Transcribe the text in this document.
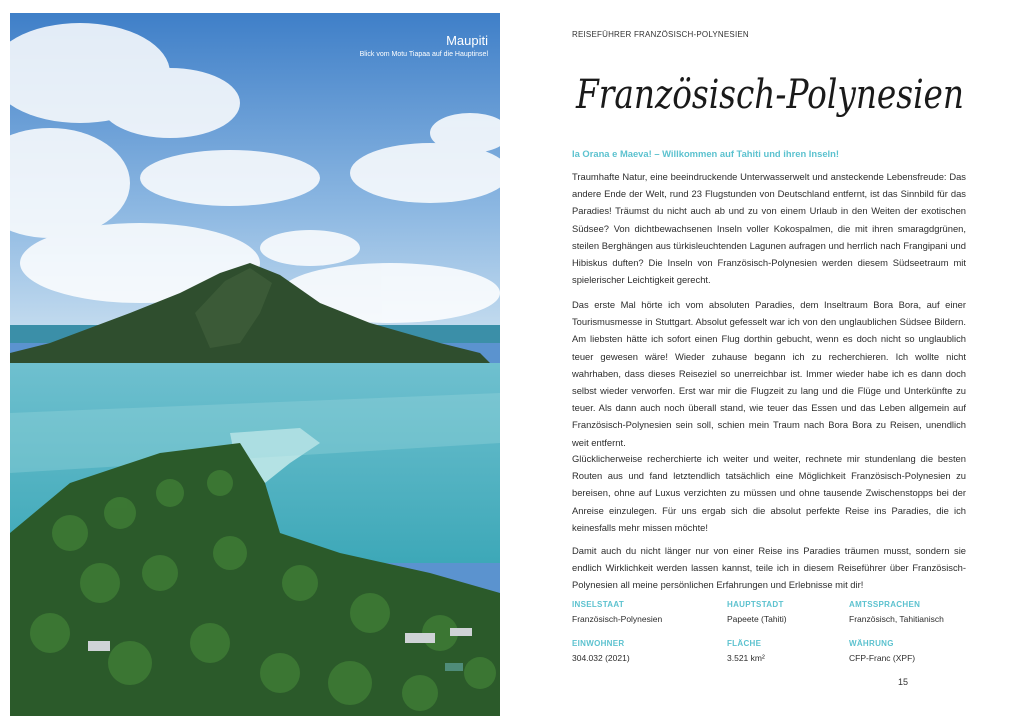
Maupiti
Blick vom Motu Tiapaa auf die Hauptinsel
REISEFÜHRER FRANZÖSISCH-POLYNESIEN
Französisch-Polynesien
Ia Orana e Maeva! – Willkommen auf Tahiti und ihren Inseln!

Traumhafte Natur, eine beeindruckende Unterwasserwelt und ansteckende Lebensfreude: Das andere Ende der Welt, rund 23 Flugstunden von Deutschland entfernt, ist das Sinnbild für das Paradies! Träumst du nicht auch ab und zu von einem Urlaub in den Weiten der exotischen Südsee? Von dichtbewachsenen Inseln voller Kokospalmen, die mit ihren smaragdgrünen, steilen Berghängen aus türkisleuchtenden Lagunen aufragen und herrlich nach Frangipani und Hibiskus duften? Die Inseln von Französisch-Polynesien werden diesem Südseetraum mit spielerischer Leichtigkeit gerecht.

Das erste Mal hörte ich vom absoluten Paradies, dem Inseltraum Bora Bora, auf einer Tourismusmesse in Stuttgart. Absolut gefesselt war ich von den unglaublichen Südsee Bildern. Am liebsten hätte ich sofort einen Flug dorthin gebucht, wenn es doch nicht so unglaublich teuer gewesen wäre! Wieder zuhause begann ich zu recherchieren. Ich wollte nicht wahrhaben, dass dieses Reiseziel so unerreichbar ist. Immer wieder habe ich es dann doch selbst wieder verworfen. Erst war mir die Flugzeit zu lang und die Flüge und Unterkünfte zu teuer. Als dann auch noch überall stand, wie teuer das Essen und das Leben allgemein auf Französisch-Polynesien sein soll, schien mein Traum nach Bora Bora zu Reisen, unendlich weit entfernt.

Glücklicherweise recherchierte ich weiter und weiter, rechnete mir stundenlang die besten Routen aus und fand letztendlich tatsächlich eine Möglichkeit Französisch-Polynesien zu bereisen, ohne auf Luxus verzichten zu müssen und ohne tausende Zwischenstopps bei der Anreise einzulegen. Für uns ergab sich die absolut perfekte Reise ins Paradies, die ich keinesfalls mehr missen möchte!

Damit auch du nicht länger nur von einer Reise ins Paradies träumen musst, sondern sie endlich Wirklichkeit werden lassen kannst, teile ich in diesem Reiseführer über Französisch-Polynesien all meine persönlichen Erfahrungen und Erlebnisse mit dir!

INSELSTAAT
Französisch-Polynesien
HAUPTSTADT
Papeete (Tahiti)
AMTSSPRACHEN
Französisch, Tahitianisch
EINWOHNER
304.032 (2021)
FLÄCHE
3.521 km²
WÄHRUNG
CFP-Franc (XPF)
15
